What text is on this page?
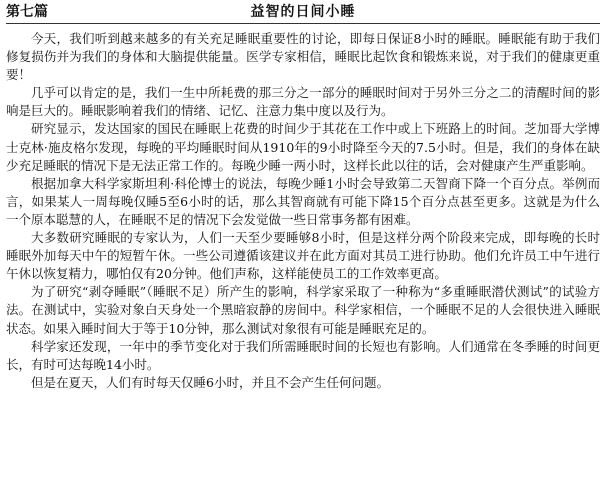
益智的日间小睡
第七篇

今天，我们听到越来越多的有关充足睡眠重要性的讨论，即每日保证8小时的睡眠。睡眠能有助于我们修复损伤并为我们的身体和大脑提供能量。医学专家相信，睡眠比起饮食和锻炼来说，对于我们的健康更重要！

几乎可以肯定的是，我们一生中所耗费的那三分之一部分的睡眠时间对于另外三分之二的清醒时间的影响是巨大的。睡眠影响着我们的情绪、记忆、注意力集中度以及行为。

研究显示，发达国家的国民在睡眠上花费的时间少于其花在工作中或上下班路上的时间。芝加哥大学博士克林·施皮格尔发现，每晚的平均睡眠时间从1910年的9小时降至今天的7.5小时。但是，我们的身体在缺少充足睡眠的情况下是无法正常工作的。每晚少睡一两小时，这样长此以往的话，会对健康产生严重影响。

根据加拿大科学家斯坦利·科伦博士的说法，每晚少睡1小时会导致第二天智商下降一个百分点。举例而言，如果某人一周每晚仅睡5至6小时的话，那么其智商就有可能下降15个百分点甚至更多。这就是为什么一个原本聪慧的人，在睡眠不足的情况下会发觉做一些日常事务都有困难。

大多数研究睡眠的专家认为，人们一天至少要睡够8小时，但是这样分两个阶段来完成，即每晚的长时睡眠外加每天中午的短暂午休。一些公司遵循该建议并在此方面对其员工进行协助。他们允许员工中午进行午休以恢复精力，哪怕仅有20分钟。他们声称，这样能使员工的工作效率更高。

为了研究“剥夺睡眠”（睡眠不足）所产生的影响，科学家采取了一种称为“多重睡眠潜伏测试”的试验方法。在测试中，实验对象白天身处一个黑暗寂静的房间中。科学家相信，一个睡眠不足的人会很快进入睡眠状态。如果入睡时间大于等于10分钟，那么测试对象很有可能是睡眠充足的。

科学家还发现，一年中的季节变化对于我们所需睡眠时间的长短也有影响。人们通常在冬季睡的时间更长，有时可达每晚14小时。

但是在夏天，人们有时每天仅睡6小时，并且不会产生任何问题。
